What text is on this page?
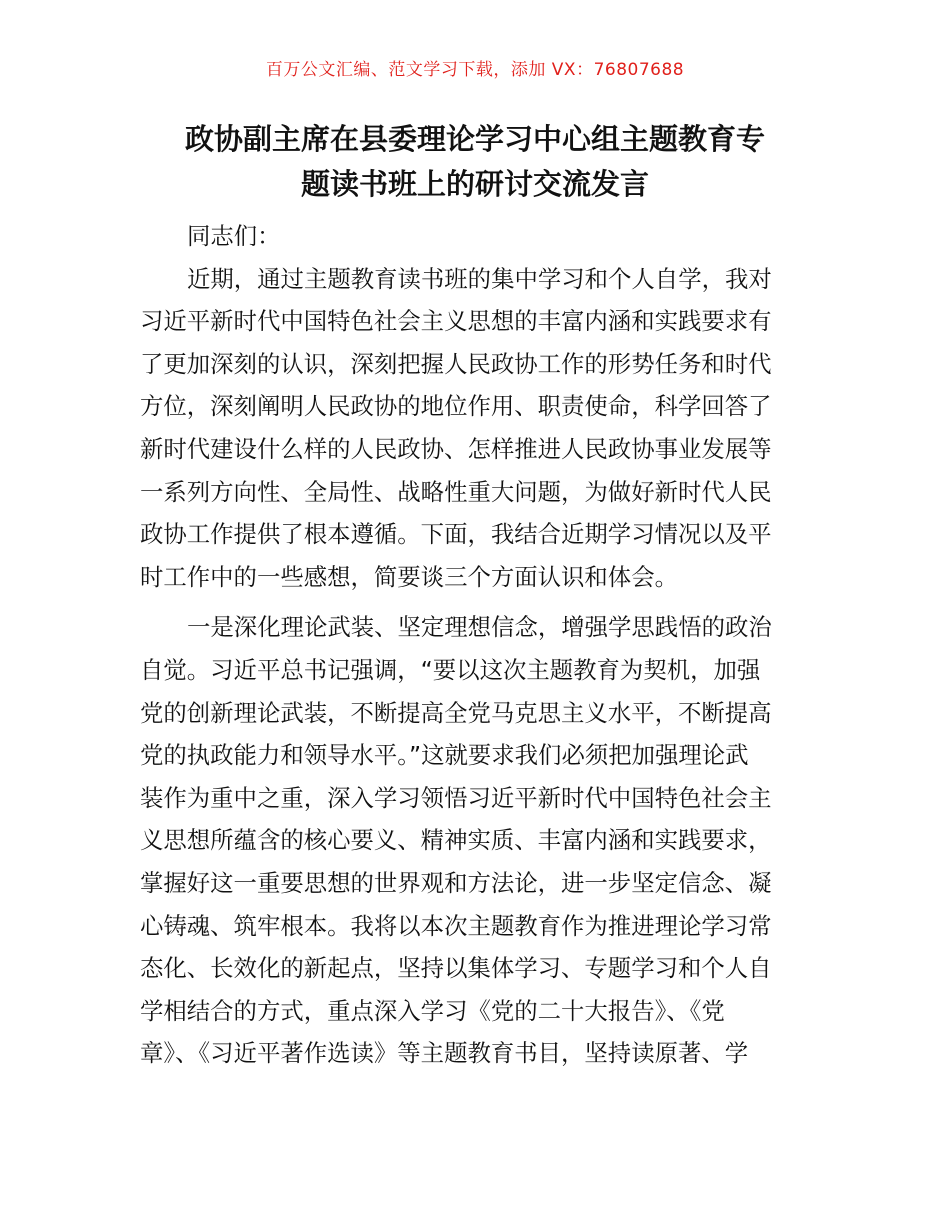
百万公文汇编、范文学习下载，添加 VX：76807688
政协副主席在县委理论学习中心组主题教育专
题读书班上的研讨交流发言
同志们：
近期，通过主题教育读书班的集中学习和个人自学，我对
习近平新时代中国特色社会主义思想的丰富内涵和实践要求有
了更加深刻的认识，深刻把握人民政协工作的形势任务和时代
方位，深刻阐明人民政协的地位作用、职责使命，科学回答了
新时代建设什么样的人民政协、怎样推进人民政协事业发展等
一系列方向性、全局性、战略性重大问题，为做好新时代人民
政协工作提供了根本遵循。下面，我结合近期学习情况以及平
时工作中的一些感想，简要谈三个方面认识和体会。
一是深化理论武装、坚定理想信念，增强学思践悟的政治
自觉。习近平总书记强调，“要以这次主题教育为契机，加强
党的创新理论武装，不断提高全党马克思主义水平，不断提高
党的执政能力和领导水平。”这就要求我们必须把加强理论武
装作为重中之重，深入学习领悟习近平新时代中国特色社会主
义思想所蕴含的核心要义、精神实质、丰富内涵和实践要求，
掌握好这一重要思想的世界观和方法论，进一步坚定信念、凝
心铸魂、筑牢根本。我将以本次主题教育作为推进理论学习常
态化、长效化的新起点，坚持以集体学习、专题学习和个人自
学相结合的方式，重点深入学习《党的二十大报告》、《党
章》、《习近平著作选读》等主题教育书目，坚持读原著、学
